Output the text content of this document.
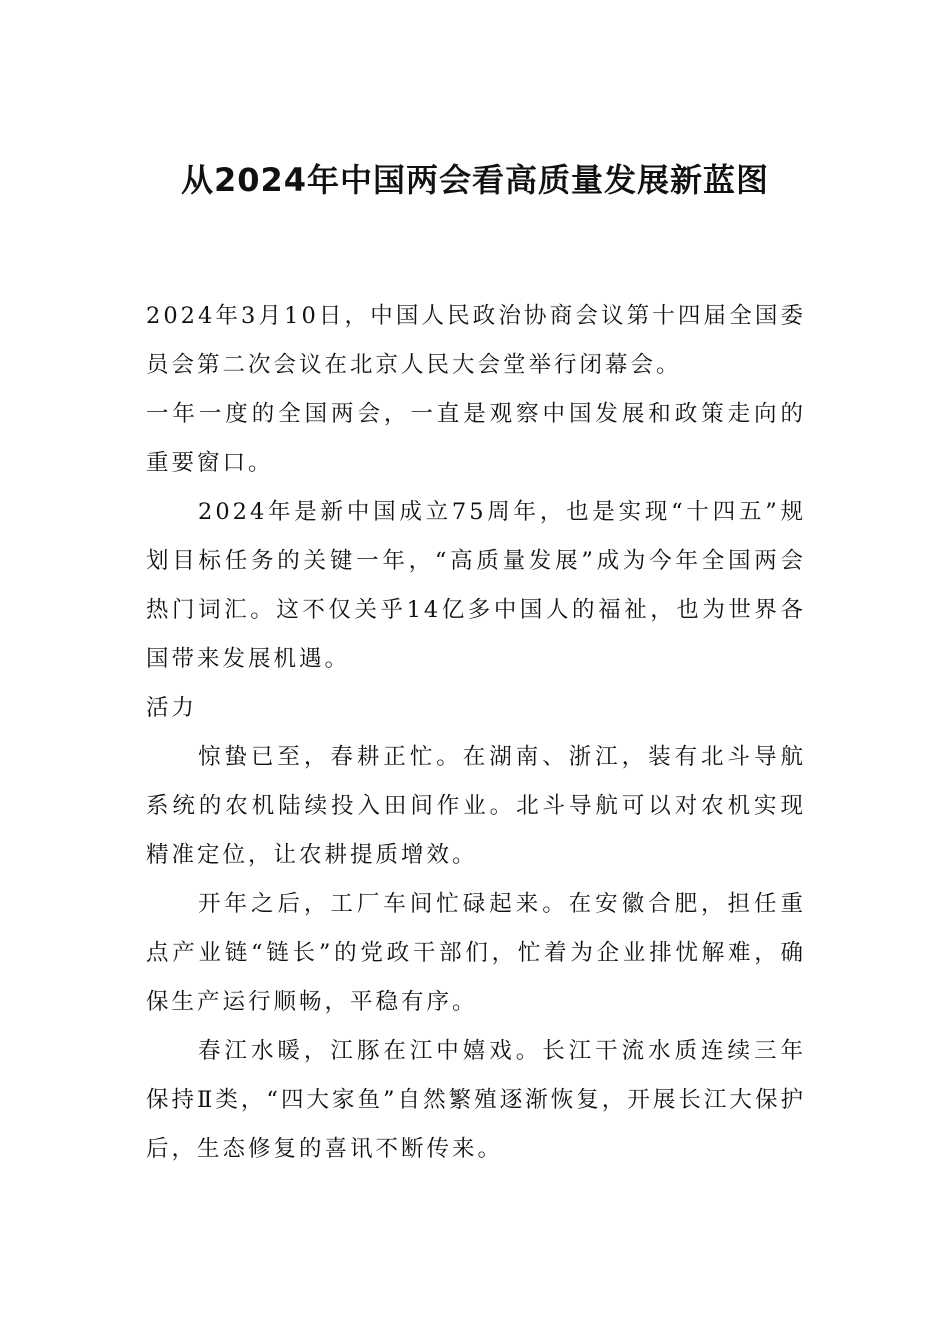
从2024年中国两会看高质量发展新蓝图

2024年3月10日，中国人民政治协商会议第十四届全国委员会第二次会议在北京人民大会堂举行闭幕会。

一年一度的全国两会，一直是观察中国发展和政策走向的重要窗口。

2024年是新中国成立75周年，也是实现“十四五”规划目标任务的关键一年，“高质量发展”成为今年全国两会热门词汇。这不仅关乎14亿多中国人的福祉，也为世界各国带来发展机遇。

活力

惊蛰已至，春耕正忙。在湖南、浙江，装有北斗导航系统的农机陆续投入田间作业。北斗导航可以对农机实现精准定位，让农耕提质增效。

开年之后，工厂车间忙碌起来。在安徽合肥，担任重点产业链“链长”的党政干部们，忙着为企业排忧解难，确保生产运行顺畅，平稳有序。

春江水暖，江豚在江中嬉戏。长江干流水质连续三年保持Ⅱ类，“四大家鱼”自然繁殖逐渐恢复，开展长江大保护后，生态修复的喜讯不断传来。
